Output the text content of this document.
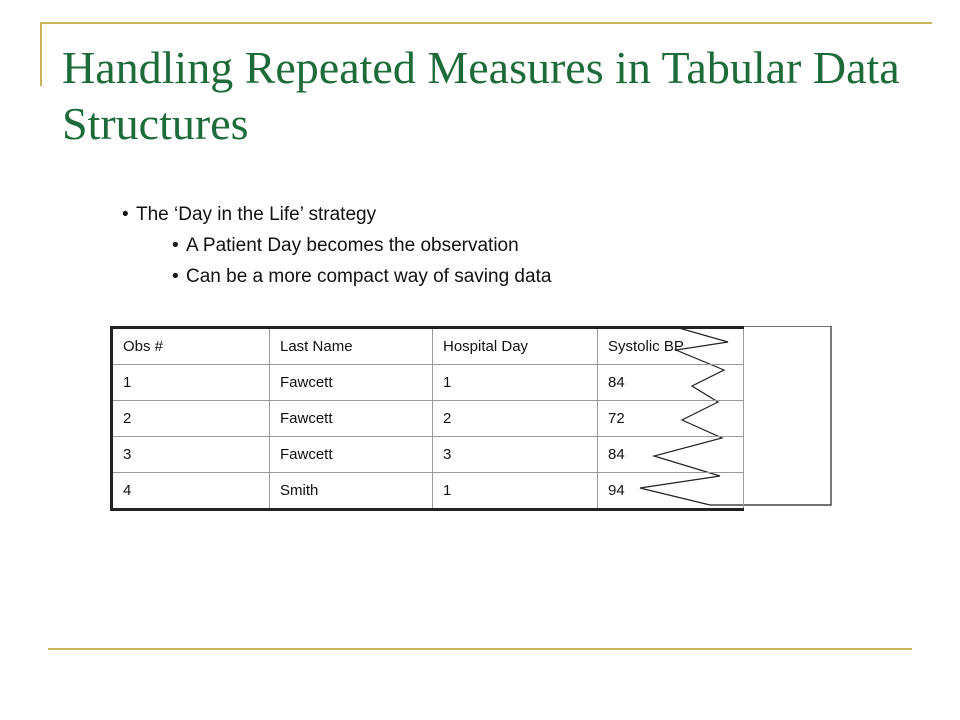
Handling Repeated Measures in Tabular Data Structures
• The ‘Day in the Life’ strategy
• A Patient Day becomes the observation
• Can be a more compact way of saving data
Obs #	Last Name	Hospital Day	Systolic BP
1	Fawcett	1	84
2	Fawcett	2	72
3	Fawcett	3	84
4	Smith	1	94
